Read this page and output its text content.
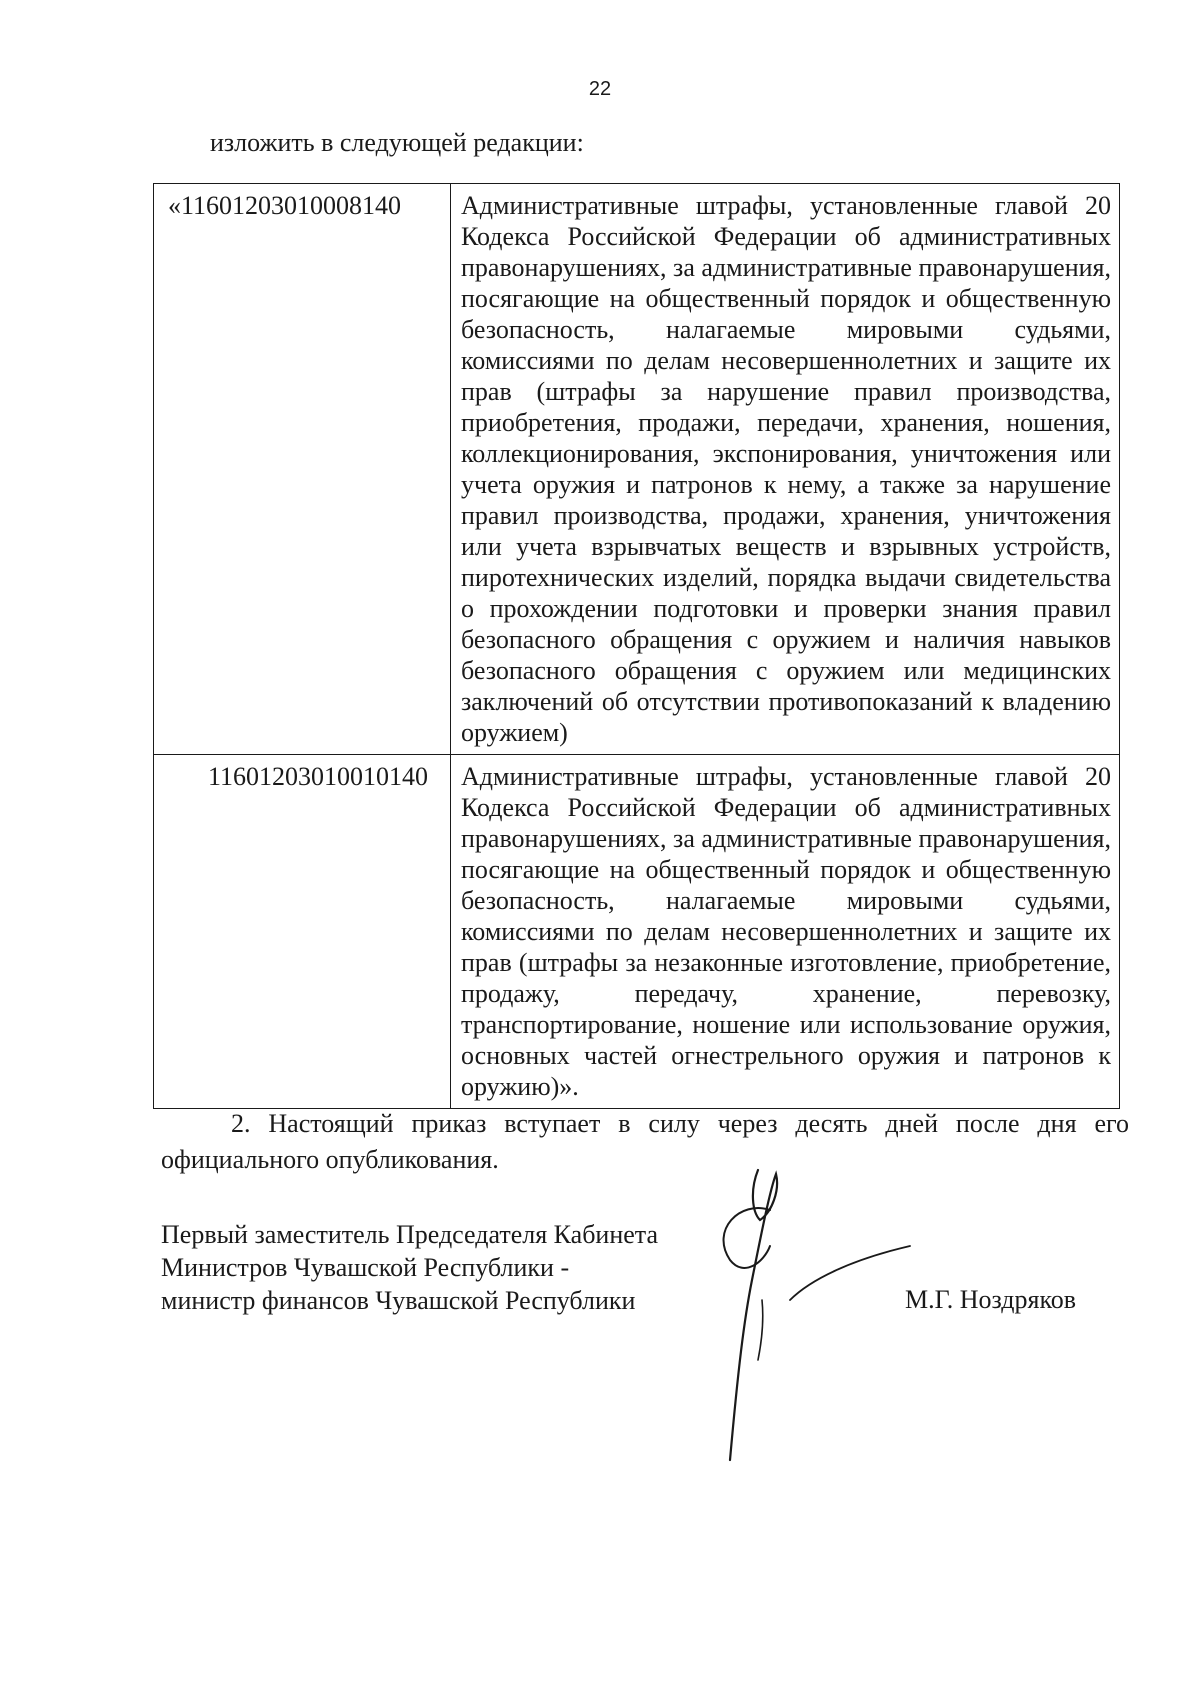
22
изложить в следующей редакции:
«11601203010008140	Административные штрафы, установленные главой 20 Кодекса Российской Федерации об административных правонарушениях, за административные правонарушения, посягающие на общественный порядок и общественную безопасность, налагаемые мировыми судьями, комиссиями по делам несовершеннолетних и защите их прав (штрафы за нарушение правил производства, приобретения, продажи, передачи, хранения, ношения, коллекционирования, экспонирования, уничтожения или учета оружия и патронов к нему, а также за нарушение правил производства, продажи, хранения, уничтожения или учета взрывчатых веществ и взрывных устройств, пиротехнических изделий, порядка выдачи свидетельства о прохождении подготовки и проверки знания правил безопасного обращения с оружием и наличия навыков безопасного обращения с оружием или медицинских заключений об отсутствии противопоказаний к владению оружием)
11601203010010140	Административные штрафы, установленные главой 20 Кодекса Российской Федерации об административных правонарушениях, за административные правонарушения, посягающие на общественный порядок и общественную безопасность, налагаемые мировыми судьями, комиссиями по делам несовершеннолетних и защите их прав (штрафы за незаконные изготовление, приобретение, продажу, передачу, хранение, перевозку, транспортирование, ношение или использование оружия, основных частей огнестрельного оружия и патронов к оружию)».
2. Настоящий приказ вступает в силу через десять дней после дня его официального опубликования.
Первый заместитель Председателя Кабинета
Министров Чувашской Республики -
министр финансов Чувашской Республики	М.Г. Ноздряков
